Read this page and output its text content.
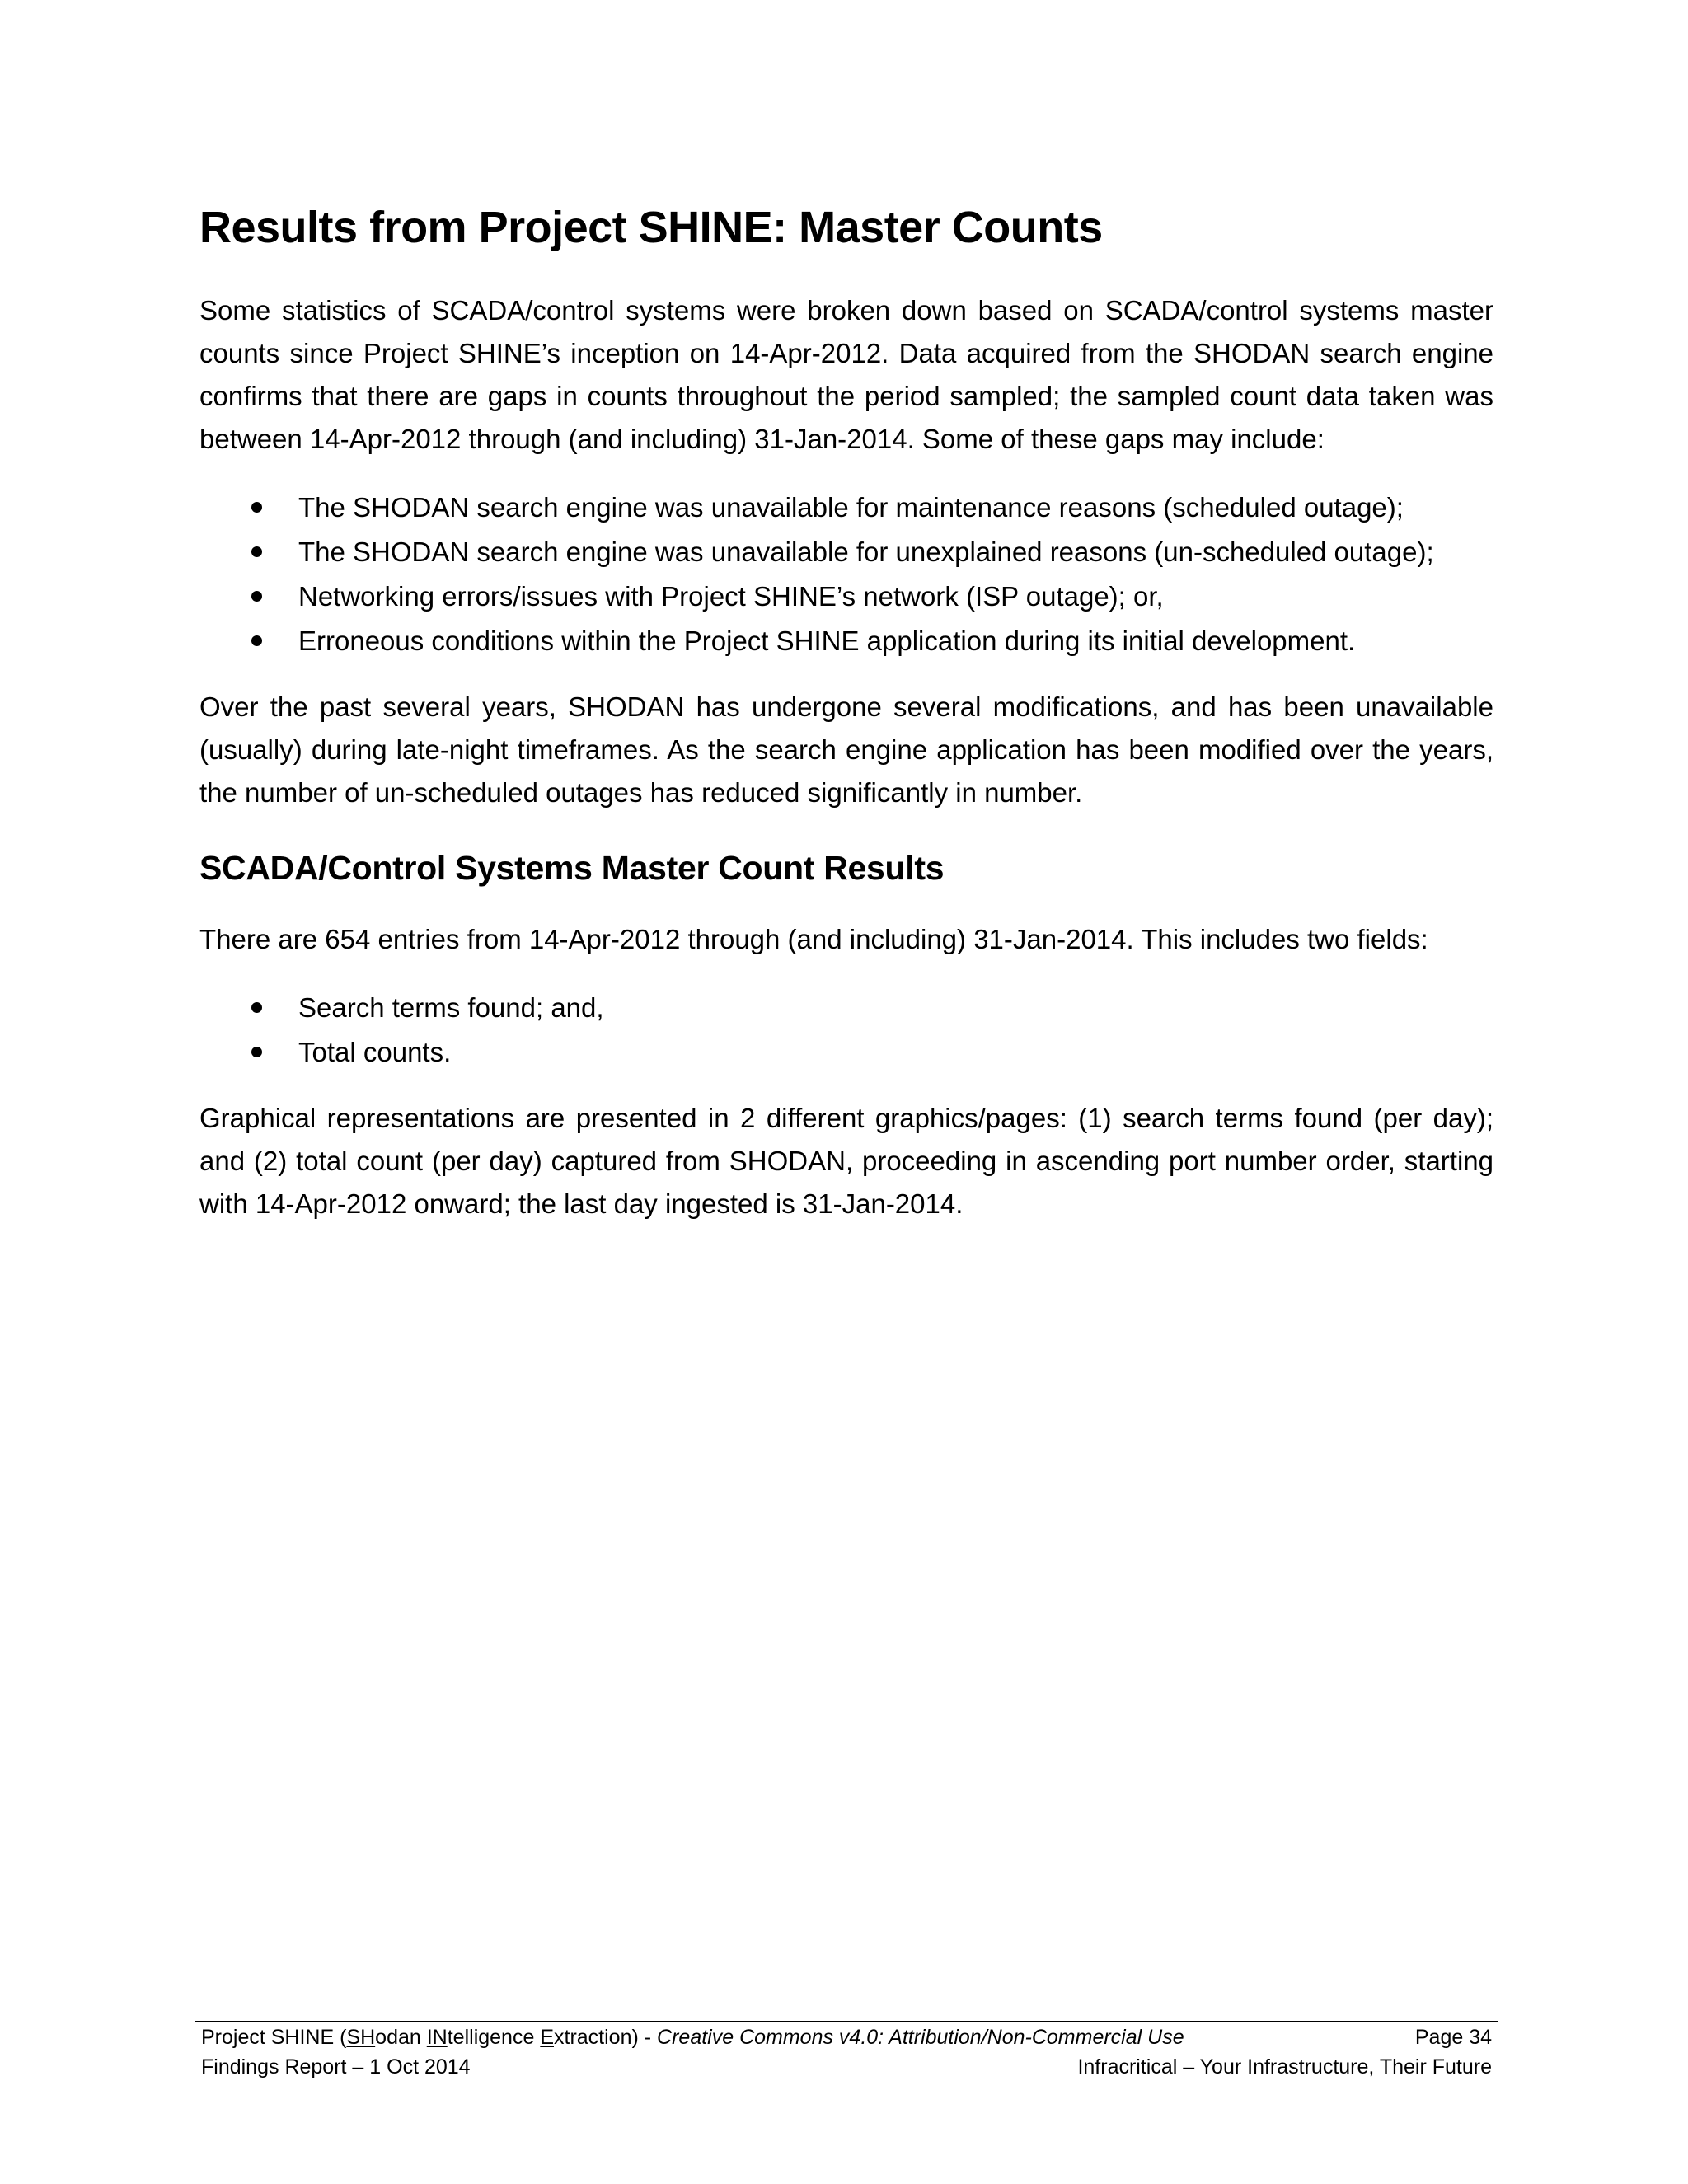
Results from Project SHINE: Master Counts

Some statistics of SCADA/control systems were broken down based on SCADA/control systems master counts since Project SHINE’s inception on 14-Apr-2012. Data acquired from the SHODAN search engine confirms that there are gaps in counts throughout the period sampled; the sampled count data taken was between 14-Apr-2012 through (and including) 31-Jan-2014. Some of these gaps may include:

The SHODAN search engine was unavailable for maintenance reasons (scheduled outage);
The SHODAN search engine was unavailable for unexplained reasons (un-scheduled outage);
Networking errors/issues with Project SHINE’s network (ISP outage); or,
Erroneous conditions within the Project SHINE application during its initial development.

Over the past several years, SHODAN has undergone several modifications, and has been unavailable (usually) during late-night timeframes. As the search engine application has been modified over the years, the number of un-scheduled outages has reduced significantly in number.

SCADA/Control Systems Master Count Results

There are 654 entries from 14-Apr-2012 through (and including) 31-Jan-2014. This includes two fields:

Search terms found; and,
Total counts.

Graphical representations are presented in 2 different graphics/pages: (1) search terms found (per day); and (2) total count (per day) captured from SHODAN, proceeding in ascending port number order, starting with 14-Apr-2012 onward; the last day ingested is 31-Jan-2014.

Project SHINE (SHodan INtelligence Extraction) - Creative Commons v4.0: Attribution/Non-Commercial Use	Page 34
Findings Report – 1 Oct 2014	Infracritical – Your Infrastructure, Their Future
